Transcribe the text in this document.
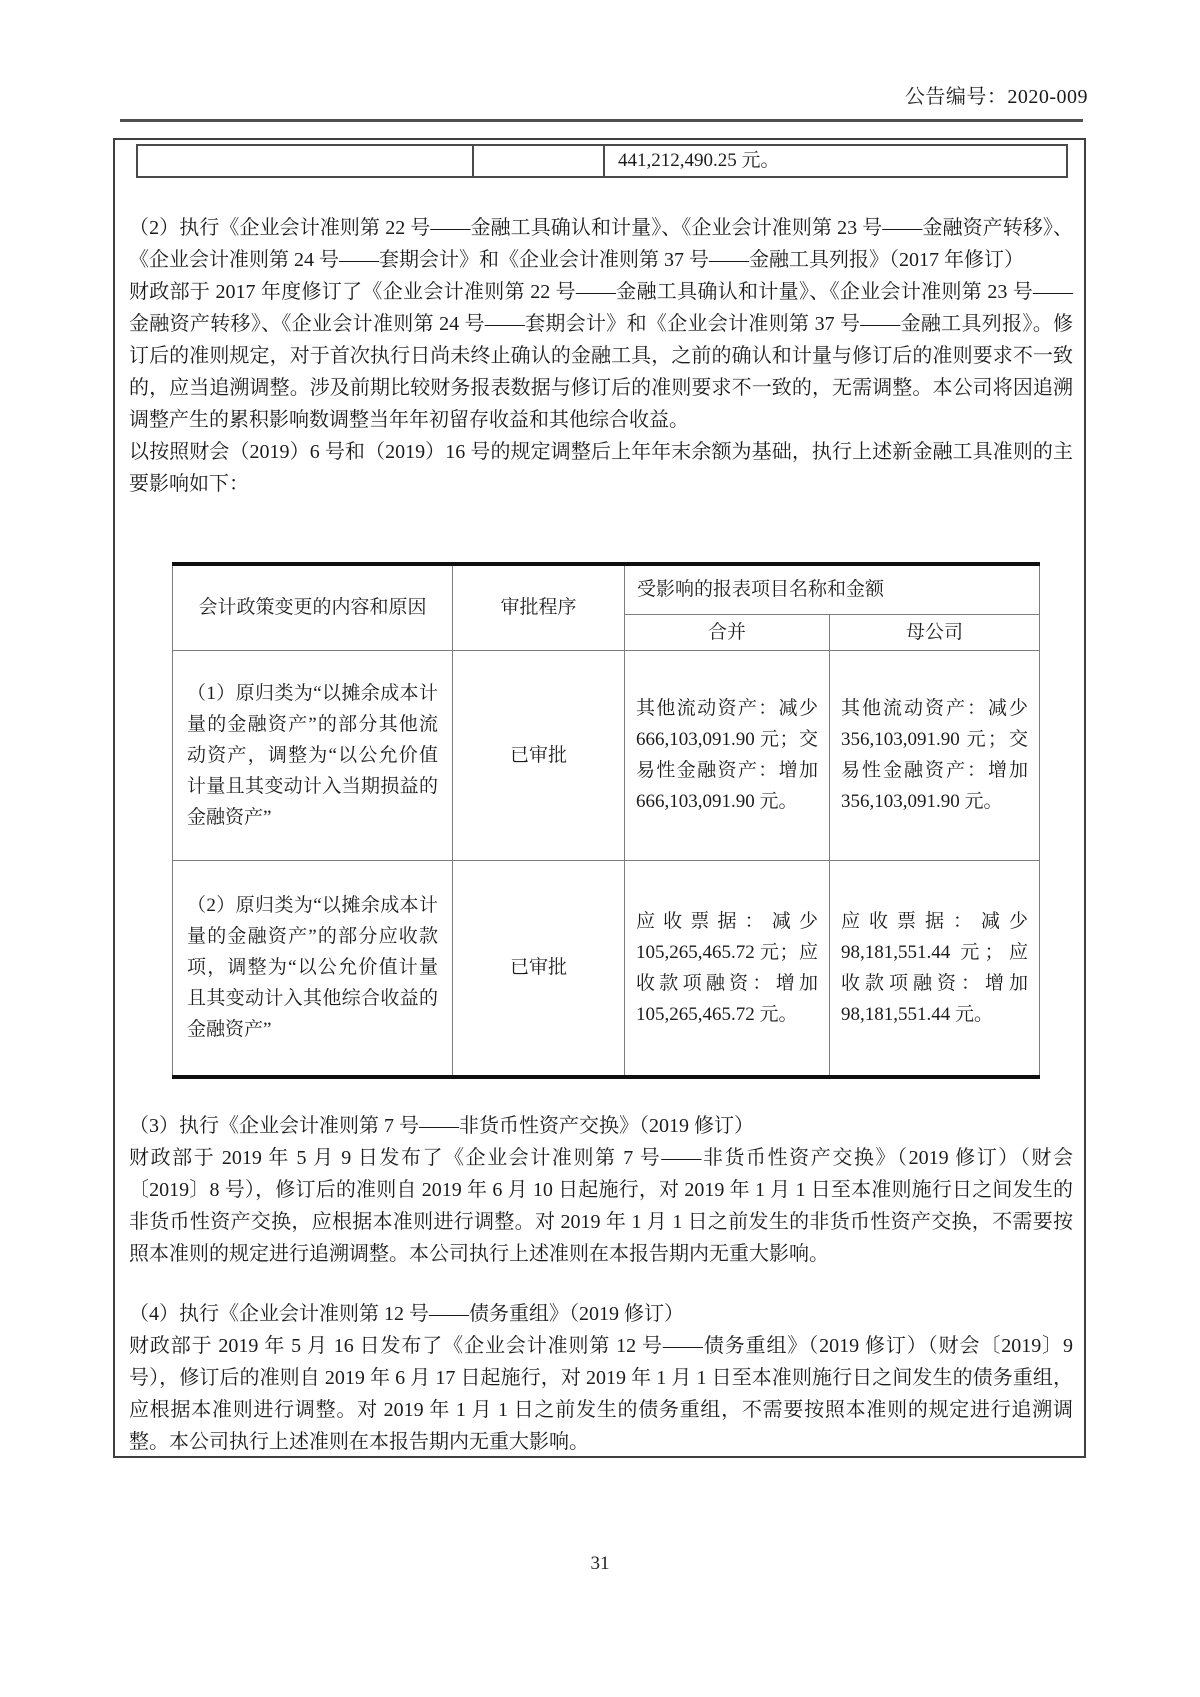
公告编号：2020-009
441,212,490.25 元。

（2）执行《企业会计准则第 22 号——金融工具确认和计量》、《企业会计准则第 23 号——金融资产转移》、《企业会计准则第 24 号——套期会计》和《企业会计准则第 37 号——金融工具列报》（2017 年修订）

财政部于 2017 年度修订了《企业会计准则第 22 号——金融工具确认和计量》、《企业会计准则第 23 号——金融资产转移》、《企业会计准则第 24 号——套期会计》和《企业会计准则第 37 号——金融工具列报》。修订后的准则规定，对于首次执行日尚未终止确认的金融工具，之前的确认和计量与修订后的准则要求不一致的，应当追溯调整。涉及前期比较财务报表数据与修订后的准则要求不一致的，无需调整。本公司将因追溯调整产生的累积影响数调整当年年初留存收益和其他综合收益。

以按照财会（2019）6 号和（2019）16 号的规定调整后上年年末余额为基础，执行上述新金融工具准则的主要影响如下：

会计政策变更的内容和原因	审批程序	受影响的报表项目名称和金额	
		合并	母公司
（1）原归类为“以摊余成本计量的金融资产”的部分其他流动资产，调整为“以公允价值计量且其变动计入当期损益的金融资产”	已审批	其他流动资产：减少 666,103,091.90 元；交易性金融资产：增加 666,103,091.90 元。	其他流动资产：减少 356,103,091.90 元；交易性金融资产：增加 356,103,091.90 元。
（2）原归类为“以摊余成本计量的金融资产”的部分应收款项，调整为“以公允价值计量且其变动计入其他综合收益的金融资产”	已审批	应收票据：减少 105,265,465.72 元；应收款项融资：增加 105,265,465.72 元。	应收票据：减少 98,181,551.44 元；应收款项融资：增加 98,181,551.44 元。

（3）执行《企业会计准则第 7 号——非货币性资产交换》（2019 修订）

财政部于 2019 年 5 月 9 日发布了《企业会计准则第 7 号——非货币性资产交换》（2019 修订）（财会〔2019〕8 号），修订后的准则自 2019 年 6 月 10 日起施行，对 2019 年 1 月 1 日至本准则施行日之间发生的非货币性资产交换，应根据本准则进行调整。对 2019 年 1 月 1 日之前发生的非货币性资产交换，不需要按照本准则的规定进行追溯调整。本公司执行上述准则在本报告期内无重大影响。

（4）执行《企业会计准则第 12 号——债务重组》（2019 修订）

财政部于 2019 年 5 月 16 日发布了《企业会计准则第 12 号——债务重组》（2019 修订）（财会〔2019〕9 号），修订后的准则自 2019 年 6 月 17 日起施行，对 2019 年 1 月 1 日至本准则施行日之间发生的债务重组，应根据本准则进行调整。对 2019 年 1 月 1 日之前发生的债务重组，不需要按照本准则的规定进行追溯调整。本公司执行上述准则在本报告期内无重大影响。

31
